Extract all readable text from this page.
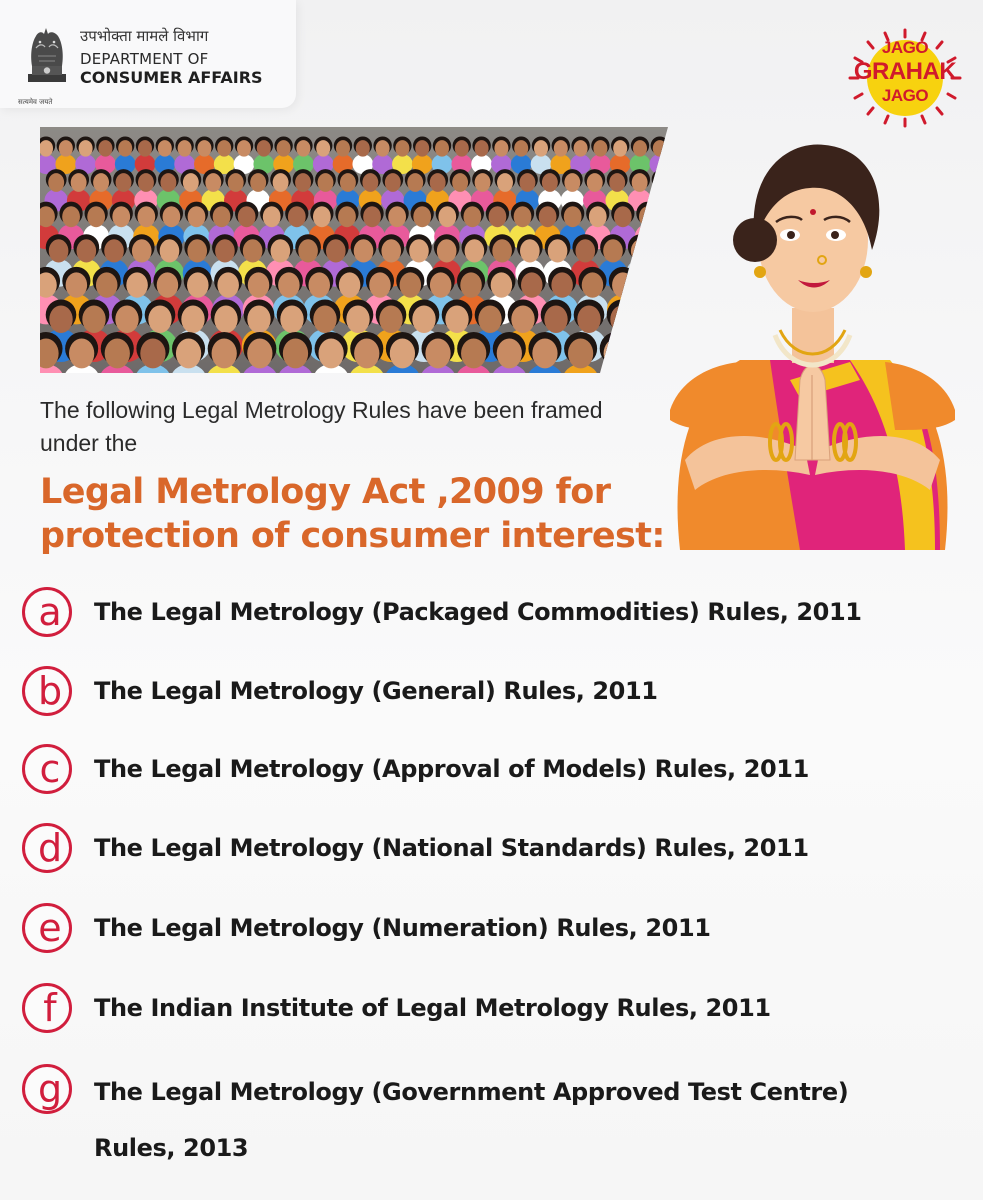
उपभोक्ता मामले विभाग
DEPARTMENT OF
CONSUMER AFFAIRS
सत्यमेव जयते
JAGO
GRAHAK
JAGO
The following Legal Metrology Rules have been framed under the
Legal Metrology Act ,2009 for protection of consumer interest:
a	The Legal Metrology (Packaged Commodities) Rules, 2011
b	The Legal Metrology (General) Rules, 2011
c	The Legal Metrology (Approval of Models) Rules, 2011
d	The Legal Metrology (National Standards) Rules, 2011
e	The Legal Metrology (Numeration) Rules, 2011
f	The Indian Institute of Legal Metrology Rules, 2011
g	The Legal Metrology (Government Approved Test Centre) Rules, 2013
